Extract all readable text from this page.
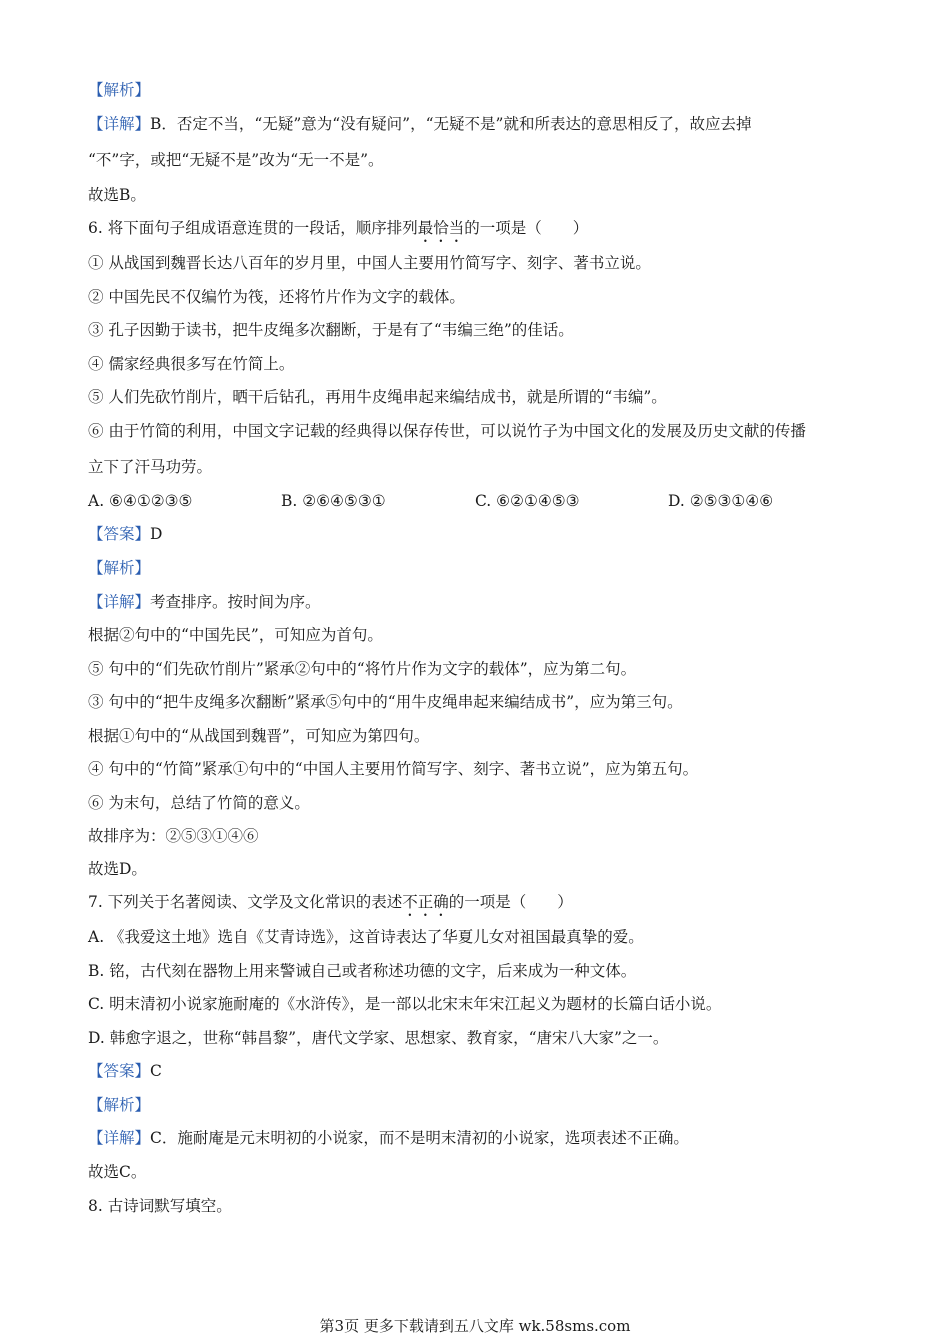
【解析】
【详解】B．否定不当，“无疑”意为“没有疑问”，“无疑不是”就和所表达的意思相反了，故应去掉
“不”字，或把“无疑不是”改为“无一不是”。
故选B。
6. 将下面句子组成语意连贯的一段话，顺序排列最恰当的一项是（　　）
① 从战国到魏晋长达八百年的岁月里，中国人主要用竹简写字、刻字、著书立说。
② 中国先民不仅编竹为筏，还将竹片作为文字的载体。
③ 孔子因勤于读书，把牛皮绳多次翻断，于是有了“韦编三绝”的佳话。
④ 儒家经典很多写在竹简上。
⑤ 人们先砍竹削片，晒干后钻孔，再用牛皮绳串起来编结成书，就是所谓的“韦编”。
⑥ 由于竹简的利用，中国文字记载的经典得以保存传世，可以说竹子为中国文化的发展及历史文献的传播
立下了汗马功劳。
A. ⑥④①②③⑤	B. ②⑥④⑤③①	C. ⑥②①④⑤③	D. ②⑤③①④⑥
【答案】D
【解析】
【详解】考查排序。按时间为序。
根据②句中的“中国先民”，可知应为首句。
⑤ 句中的“们先砍竹削片”紧承②句中的“将竹片作为文字的载体”，应为第二句。
③ 句中的“把牛皮绳多次翻断”紧承⑤句中的“用牛皮绳串起来编结成书”，应为第三句。
根据①句中的“从战国到魏晋”，可知应为第四句。
④ 句中的“竹简”紧承①句中的“中国人主要用竹简写字、刻字、著书立说”，应为第五句。
⑥ 为末句，总结了竹简的意义。
故排序为：②⑤③①④⑥
故选D。
7. 下列关于名著阅读、文学及文化常识的表述不正确的一项是（　　）
A. 《我爱这土地》选自《艾青诗选》，这首诗表达了华夏儿女对祖国最真挚的爱。
B. 铭，古代刻在器物上用来警诫自己或者称述功德的文字，后来成为一种文体。
C. 明末清初小说家施耐庵的《水浒传》，是一部以北宋末年宋江起义为题材的长篇白话小说。
D. 韩愈字退之，世称“韩昌黎”，唐代文学家、思想家、教育家，“唐宋八大家”之一。
【答案】C
【解析】
【详解】C．施耐庵是元末明初的小说家，而不是明末清初的小说家，选项表述不正确。
故选C。
8. 古诗词默写填空。
第3页 更多下载请到五八文库 wk.58sms.com
